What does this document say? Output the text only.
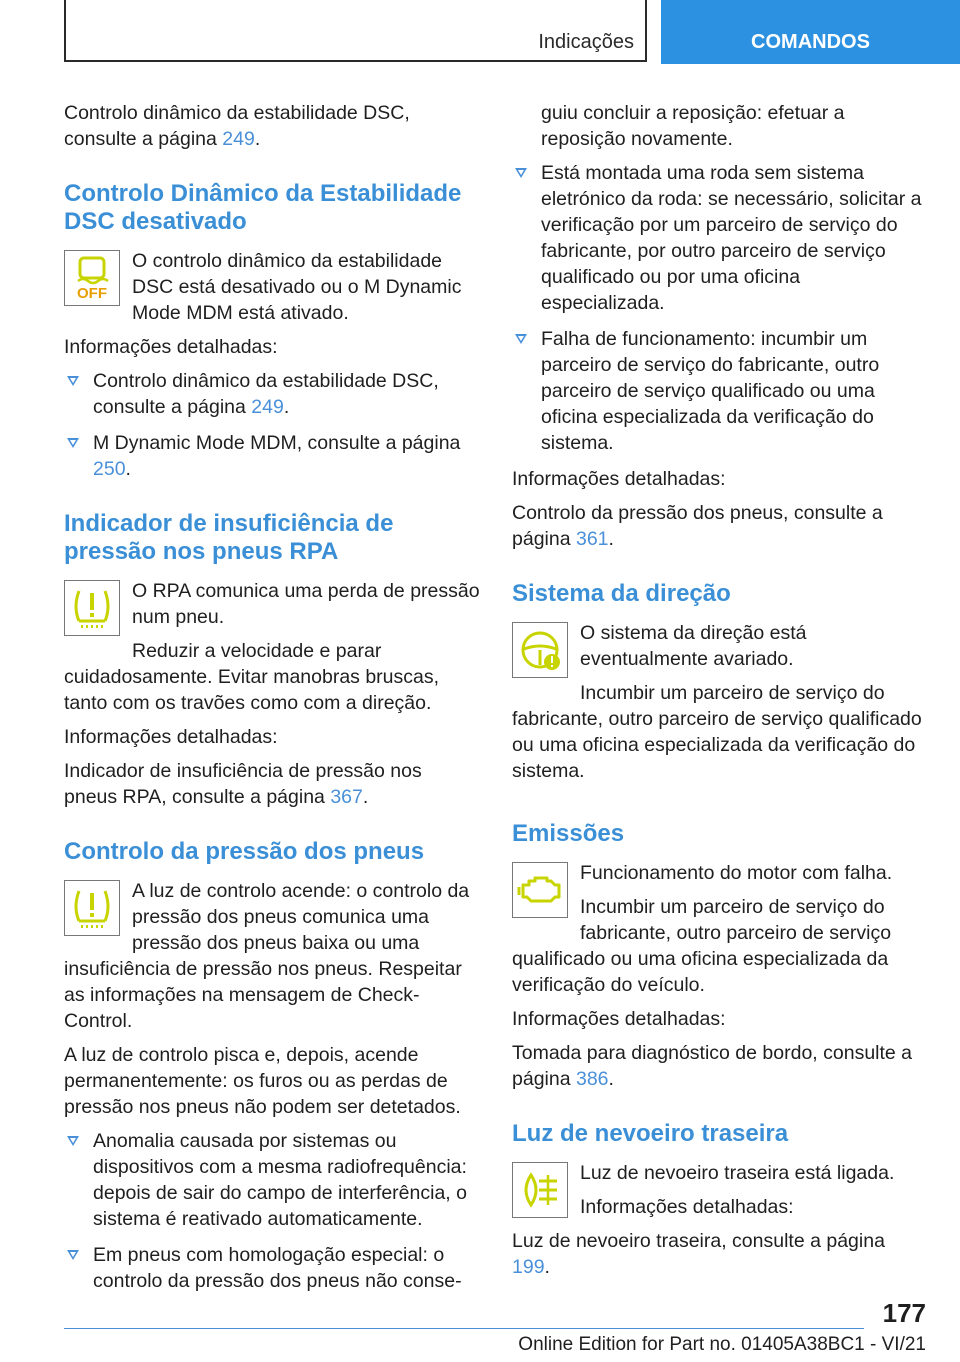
Indicações	COMANDOS

Controlo dinâmico da estabilidade DSC, consulte a página 249.

Controlo Dinâmico da Estabilidade DSC desativado
OFF

O controlo dinâmico da estabilidade DSC está desativado ou o M Dynamic Mode MDM está ativado.

Informações detalhadas:

Controlo dinâmico da estabilidade DSC, consulte a página 249.
M Dynamic Mode MDM, consulte a página 250.
Indicador de insuficiência de pressão nos pneus RPA

O RPA comunica uma perda de pressão num pneu.

Reduzir a velocidade e parar cuidadosamente. Evitar manobras bruscas, tanto com os travões como com a direção.

Informações detalhadas:

Indicador de insuficiência de pressão nos pneus RPA, consulte a página 367.

Controlo da pressão dos pneus

A luz de controlo acende: o controlo da pressão dos pneus comunica uma pressão dos pneus baixa ou uma insuficiência de pressão nos pneus. Respeitar as informações na mensagem de Check-Control.

A luz de controlo pisca e, depois, acende permanentemente: os furos ou as perdas de pressão nos pneus não podem ser detetados.

Anomalia causada por sistemas ou dispositivos com a mesma radiofrequência: depois de sair do campo de interferência, o sistema é reativado automaticamente.
Em pneus com homologação especial: o controlo da pressão dos pneus não conse-

guiu concluir a reposição: efetuar a reposição novamente.

Está montada uma roda sem sistema eletrónico da roda: se necessário, solicitar a verificação por um parceiro de serviço do fabricante, por outro parceiro de serviço qualificado ou por uma oficina especializada.
Falha de funcionamento: incumbir um parceiro de serviço do fabricante, outro parceiro de serviço qualificado ou uma oficina especializada da verificação do sistema.

Informações detalhadas:

Controlo da pressão dos pneus, consulte a página 361.

Sistema da direção

O sistema da direção está eventualmente avariado.

Incumbir um parceiro de serviço do fabricante, outro parceiro de serviço qualificado ou uma oficina especializada da verificação do sistema.

Emissões

Funcionamento do motor com falha.

Incumbir um parceiro de serviço do fabricante, outro parceiro de serviço qualificado ou uma oficina especializada da verificação do veículo.

Informações detalhadas:

Tomada para diagnóstico de bordo, consulte a página 386.

Luz de nevoeiro traseira

Luz de nevoeiro traseira está ligada.

Informações detalhadas:

Luz de nevoeiro traseira, consulte a página 199.

177
Online Edition for Part no. 01405A38BC1 - VI/21
